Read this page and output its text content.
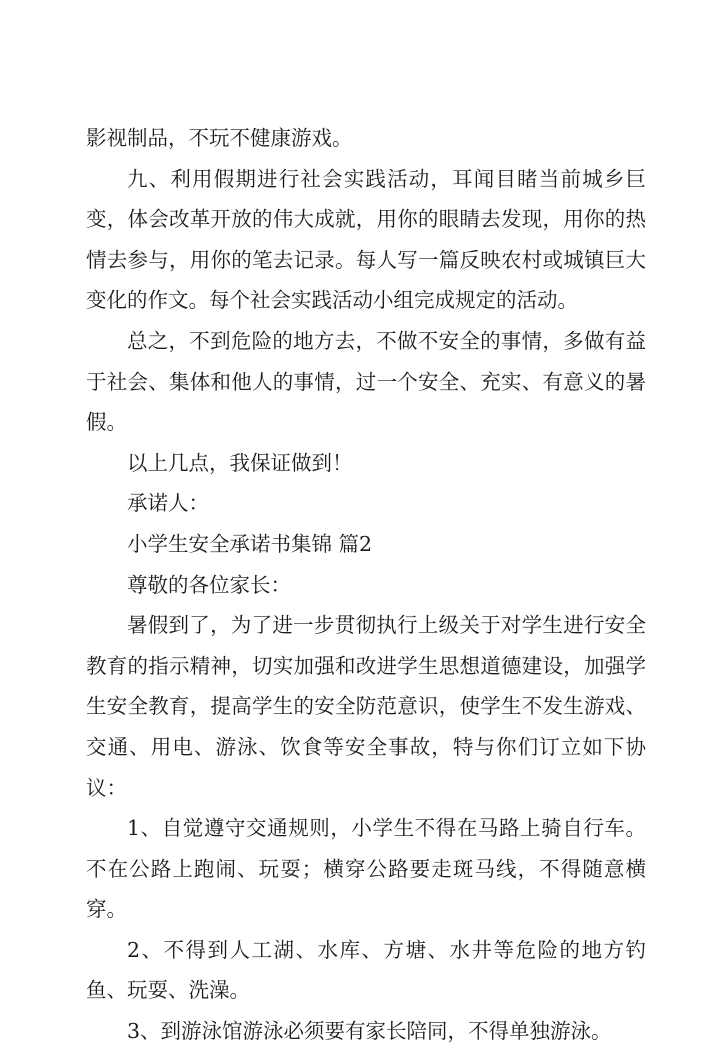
影视制品，不玩不健康游戏。

九、利用假期进行社会实践活动，耳闻目睹当前城乡巨变，体会改革开放的伟大成就，用你的眼睛去发现，用你的热情去参与，用你的笔去记录。每人写一篇反映农村或城镇巨大变化的作文。每个社会实践活动小组完成规定的活动。

总之，不到危险的地方去，不做不安全的事情，多做有益于社会、集体和他人的事情，过一个安全、充实、有意义的暑假。

以上几点，我保证做到！

承诺人：

小学生安全承诺书集锦 篇2

尊敬的各位家长：

暑假到了，为了进一步贯彻执行上级关于对学生进行安全教育的指示精神，切实加强和改进学生思想道德建设，加强学生安全教育，提高学生的安全防范意识，使学生不发生游戏、交通、用电、游泳、饮食等安全事故，特与你们订立如下协议：

1、自觉遵守交通规则，小学生不得在马路上骑自行车。不在公路上跑闹、玩耍；横穿公路要走斑马线，不得随意横穿。

2、不得到人工湖、水库、方塘、水井等危险的地方钓鱼、玩耍、洗澡。

3、到游泳馆游泳必须要有家长陪同，不得单独游泳。
